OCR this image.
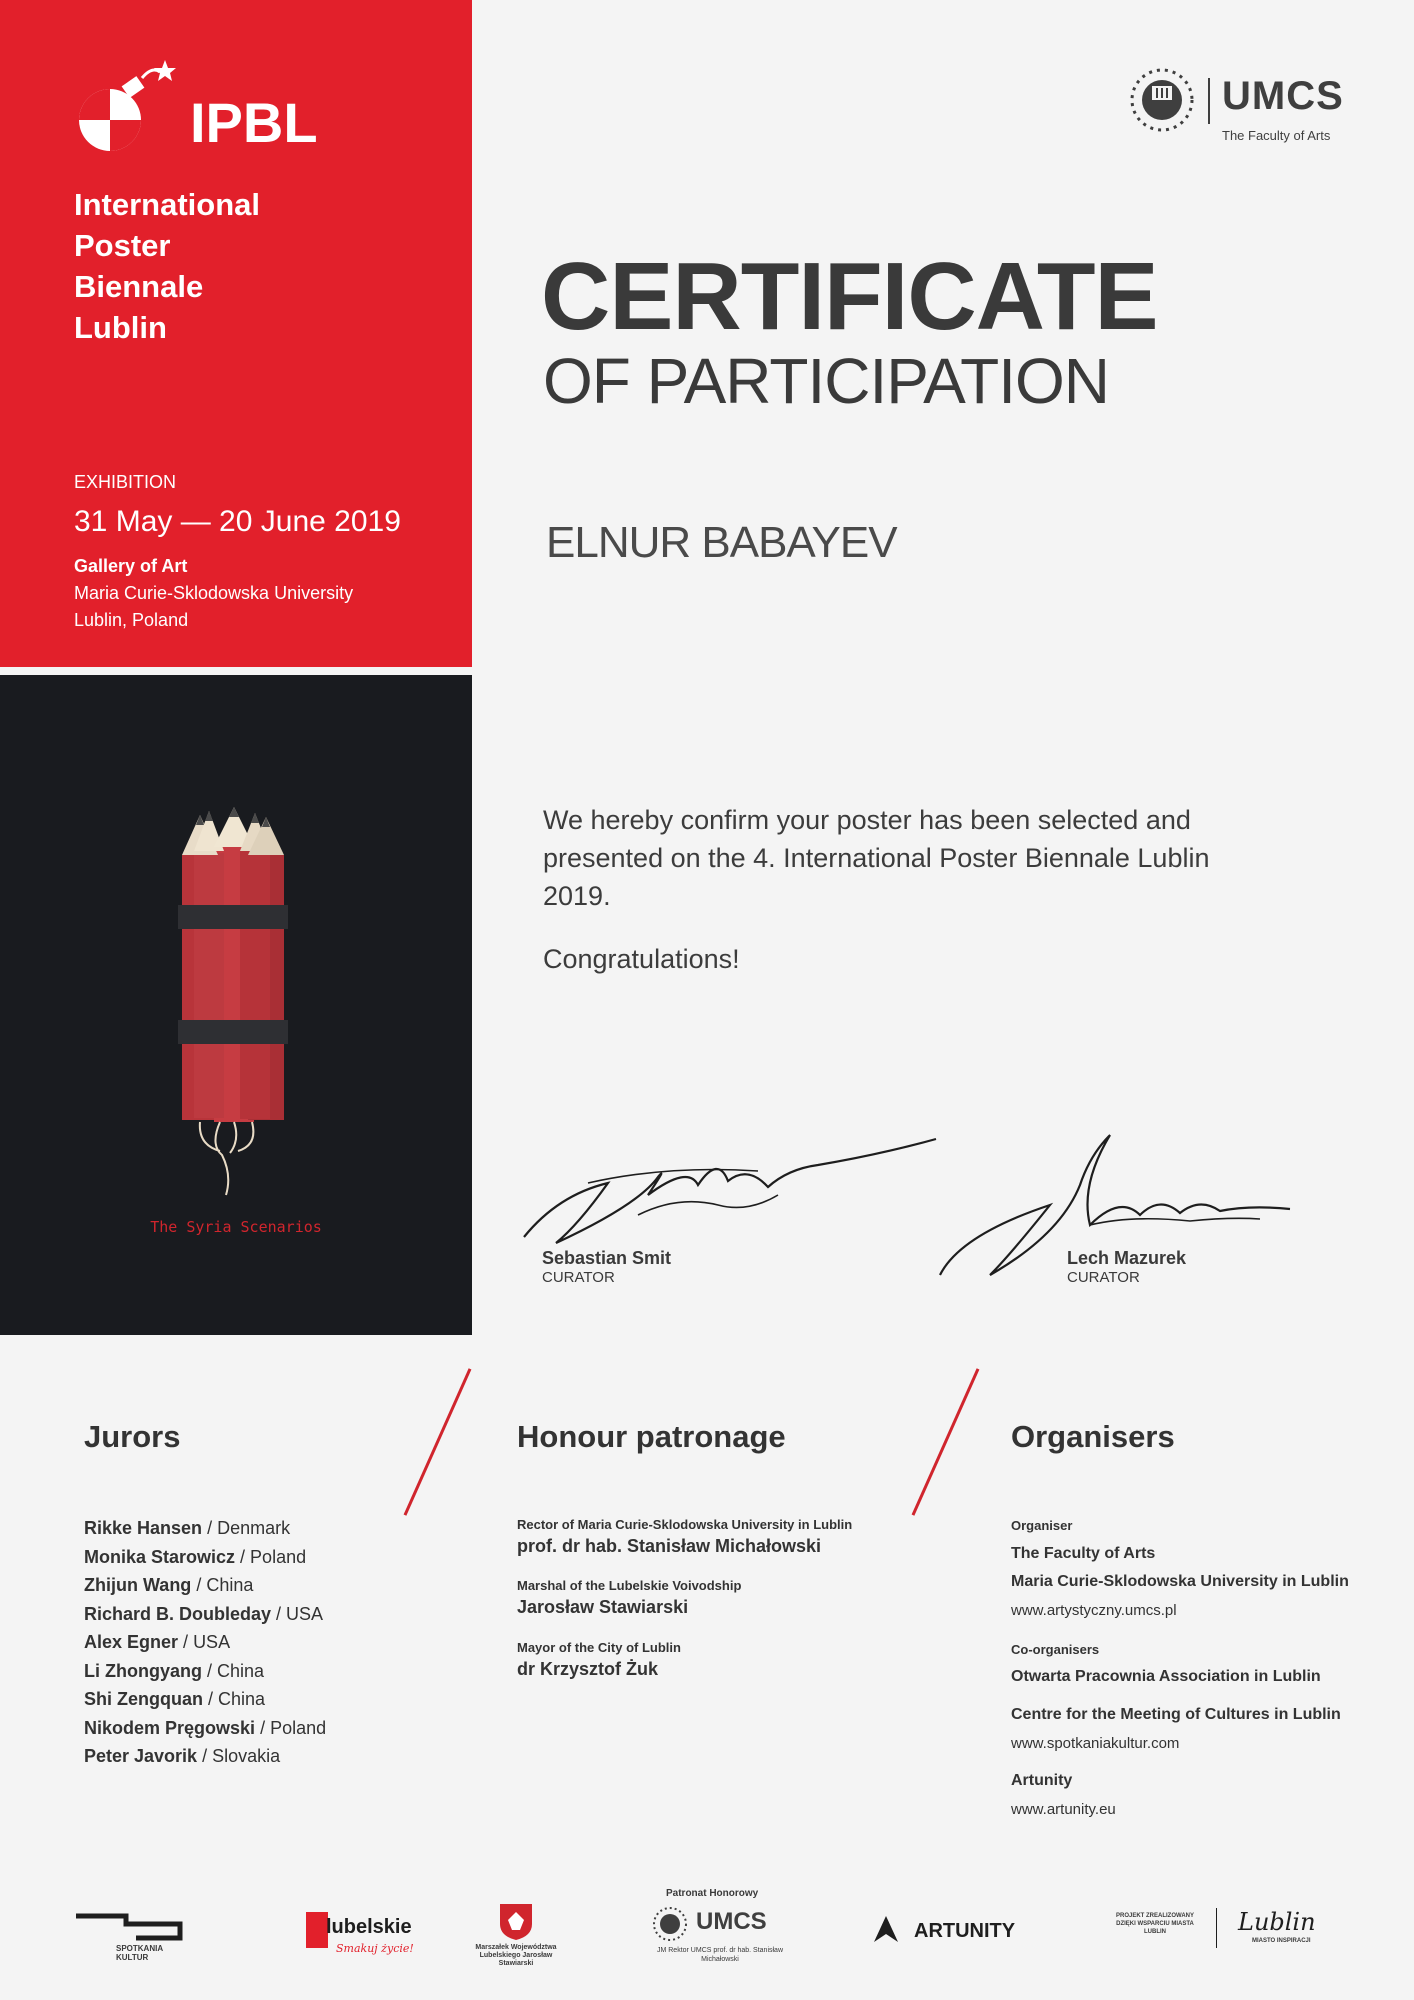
IPBL
International
Poster
Biennale
Lublin
EXHIBITION
31 May — 20 June 2019
Gallery of Art
Maria Curie-Sklodowska University
Lublin, Poland
The Syria Scenarios
UMCS
The Faculty of Arts
CERTIFICATE
OF PARTICIPATION
ELNUR BABAYEV
We hereby confirm your poster has been selected and presented on the 4. International Poster Biennale Lublin 2019.
Congratulations!
Sebastian Smit
CURATOR
Lech Mazurek
CURATOR
Jurors
Rikke Hansen / Denmark
Monika Starowicz / Poland
Zhijun Wang / China
Richard B. Doubleday / USA
Alex Egner / USA
Li Zhongyang / China
Shi Zengquan / China
Nikodem Pręgowski / Poland
Peter Javorik / Slovakia
Honour patronage
Rector of Maria Curie-Sklodowska University in Lublin
prof. dr hab. Stanisław Michałowski
Marshal of the Lubelskie Voivodship
Jarosław Stawiarski
Mayor of the City of Lublin
dr Krzysztof Żuk
Organisers
Organiser
The Faculty of Arts
Maria Curie-Sklodowska University in Lublin
www.artystyczny.umcs.pl
Co-organisers
Otwarta Pracownia Association in Lublin
Centre for the Meeting of Cultures in Lublin
www.spotkaniakultur.com
Artunity
www.artunity.eu
SPOTKANIA KULTUR
lubelskie
Smakuj życie!	Marszałek Województwa Lubelskiego Jarosław Stawiarski
Patronat Honorowy
UMCS
JM Rektor UMCS prof. dr hab. Stanisław Michałowski
ARTUNITY
PROJEKT ZREALIZOWANY DZIĘKI WSPARCIU MIASTA LUBLIN	Lublin
MIASTO INSPIRACJI
